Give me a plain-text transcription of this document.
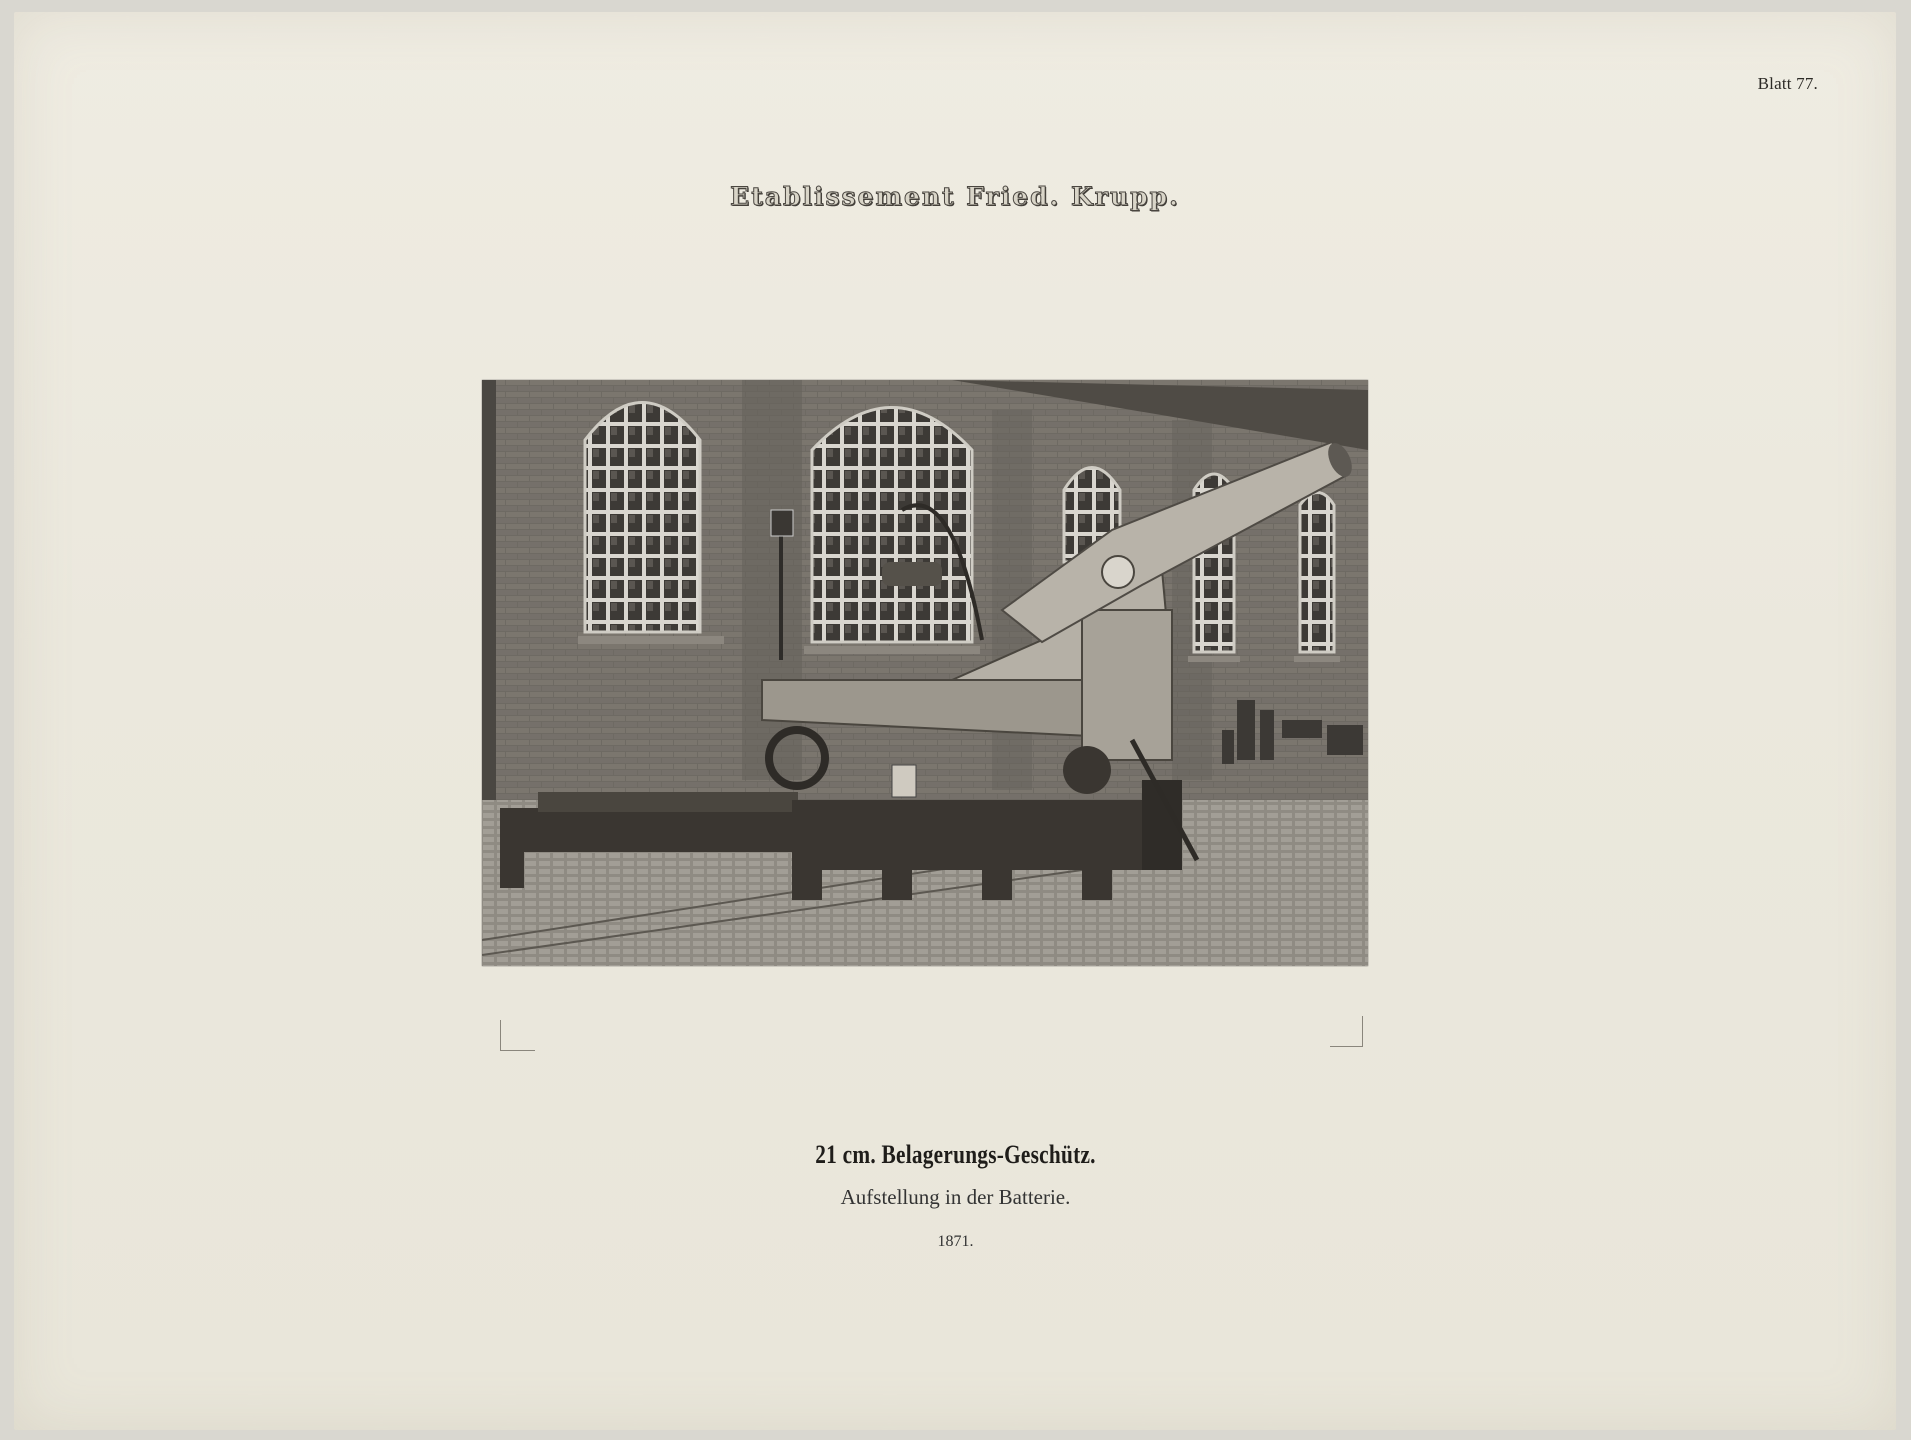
Blatt 77.
Etablissement Fried. Krupp.
21 cm. Belagerungs-Geschütz.
Aufstellung in der Batterie.
1871.
